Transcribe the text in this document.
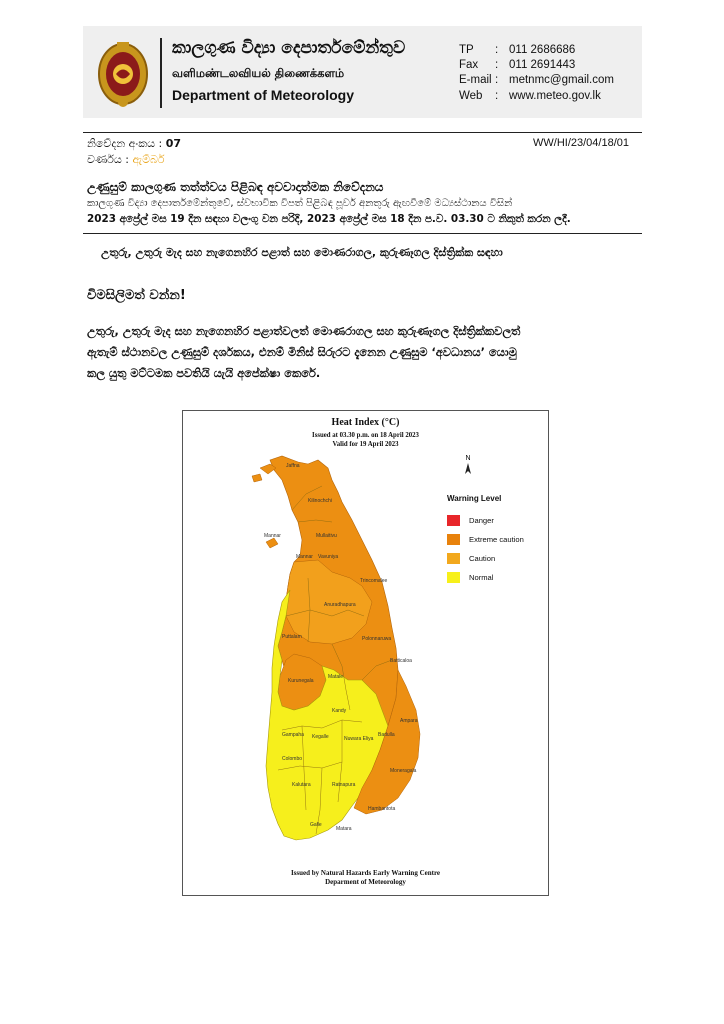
කාලගුණ විද්‍යා දෙපාර්තමේන්තුව
வளிமண்டலவியல் திணைக்களம்
Department of Meteorology
TP : 011 2686686
Fax : 011 2691443
E-mail : metnmc@gmail.com
Web : www.meteo.gov.lk
නිවේදන අංකය : 07	WW/HI/23/04/18/01
වර්ණය : ඇම්බර්
උණුසුම් කාලගුණ තත්ත්වය පිළිබඳ අවවාදාත්මක නිවේදනය
කාලගුණ විද්‍යා දෙපාර්තමේන්තුවේ, ස්වභාවික විපත් පිළිබඳ පූර්ව අනතුරු ඇඟවීමේ මධ්‍යස්ථානය විසින්
2023 අප්‍රේල් මස 19 දින සඳහා වලංගු වන පරිදි, 2023 අප්‍රේල් මස 18 දින ප.ව. 03.30 ට නිකුත් කරන ලදී.
උතුරු, උතුරු මැද සහ නැගෙනහිර පළාත් සහ මොණරාගල, කුරුණෑගල දිස්ත්‍රික්ක සඳහා
විමසිලිමත් වන්න!
උතුරු, උතුරු මැද සහ නැගෙනහිර පළාත්වලත් මොණරාගල සහ කුරුණෑගල දිස්ත්‍රික්කවලත්
ඇතැම් ස්ථානවල උණුසුම් දර්ශකය, එනම් මිනිස් සිරුරට දැනෙන උණුසුම ‘අවධානය’ යොමු
කල යුතු මට්ටමක පවතියි යැයි අපේක්ෂා කෙරේ.
Heat Index (°C)
Issued at 03.30 p.m. on 18 April 2023
Valid for 19 April 2023
Issued by Natural Hazards Early Warning Centre
Deparment of Meteorology
N
Jaffna
Kilinochchi
Mullaitivu
Mannar
Mannar Vavuniya
Trincomalee
Anuradhapura
Polonnaruwa
Puttalam
Batticaloa
Kurunegala
Matale
Kandy
Ampara
Gampaha Kegalle	Nuwara Eliya
Badulla
Colombo
Moneragala
Kalutara	Ratnapura
Hambantota
Galle
Matara
Warning Level
Danger
Extreme caution
Caution
Normal
